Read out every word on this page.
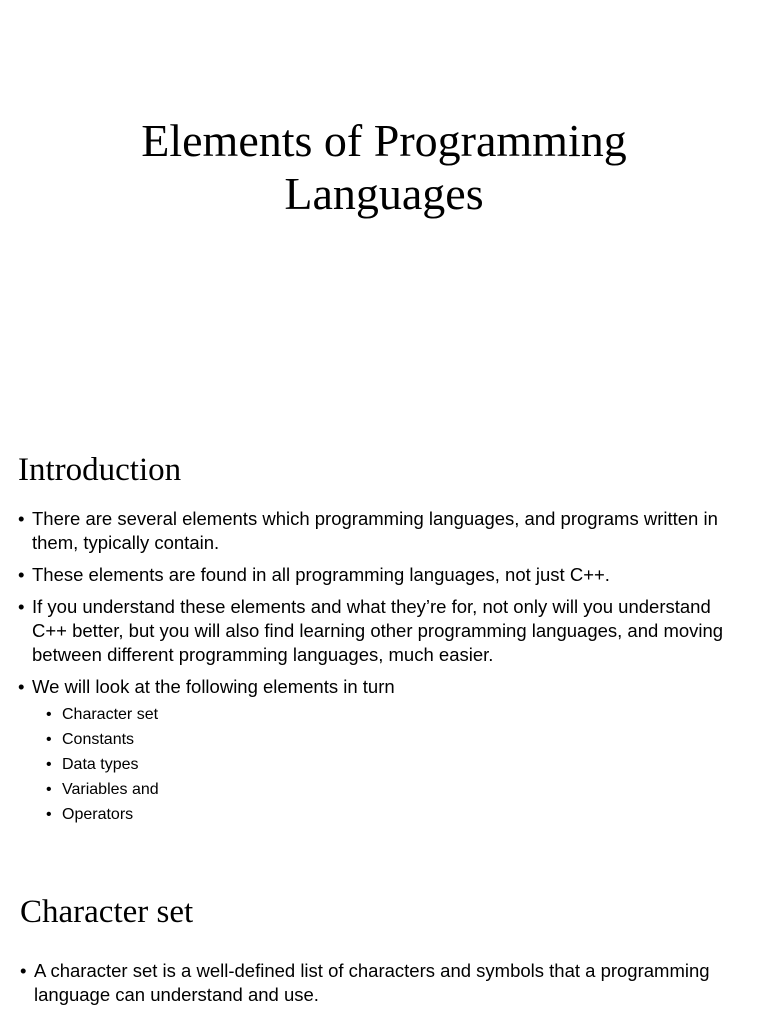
Elements of Programming
Languages
Introduction
• There are several elements which programming languages, and programs written in them, typically contain.
• These elements are found in all programming languages, not just C++.
• If you understand these elements and what they’re for, not only will you understand C++ better, but you will also find learning other programming languages, and moving between different programming languages, much easier.
• We will look at the following elements in turn
• Character set
• Constants
• Data types
• Variables and
• Operators
Character set
• A character set is a well-defined list of characters and symbols that a programming language can understand and use.
